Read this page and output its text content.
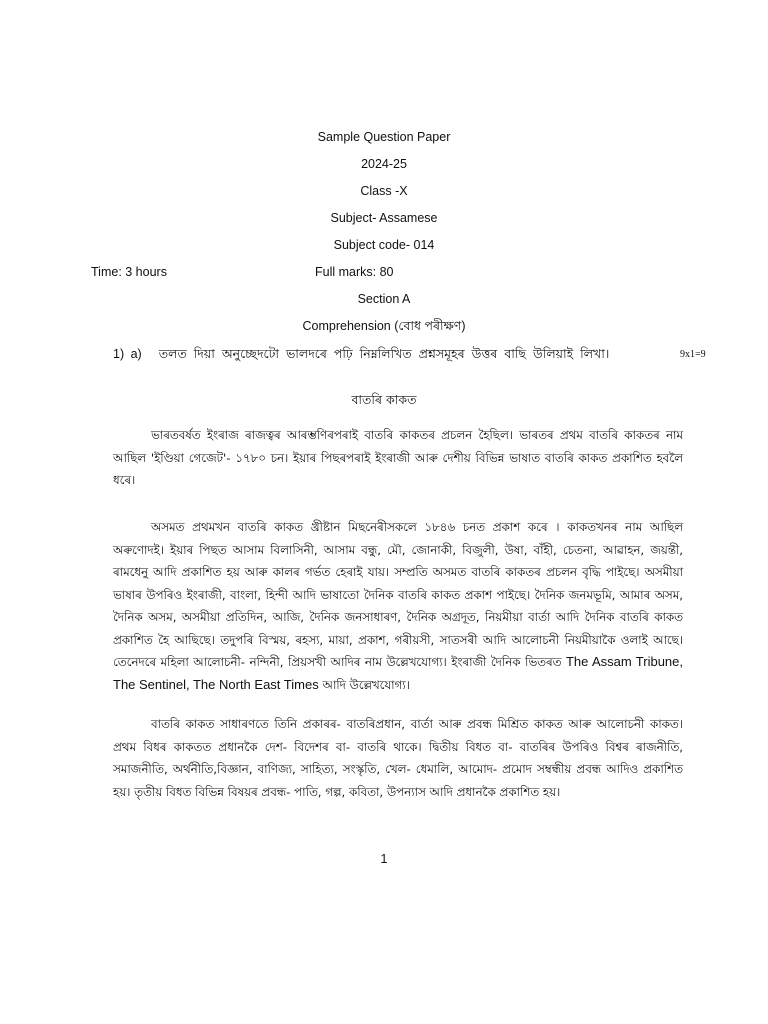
Sample Question Paper
2024-25
Class -X
Subject- Assamese
Subject code- 014
Time: 3 hours	Full marks: 80
Section A
Comprehension (বোধ পৰীক্ষণ)
1) a) তলত দিয়া অনুচ্ছেদটো ভালদৰে পঢ়ি নিম্নলিখিত প্ৰশ্নসমূহৰ উত্তৰ বাছি উলিয়াই লিখা।	9x1=9
বাতৰি কাকত
ভাৰতবৰ্ষত ইংৰাজ ৰাজত্বৰ আৰম্ভণিৰপৰাই বাতৰি কাকতৰ প্ৰচলন হৈছিল। ভাৰতৰ প্ৰথম বাতৰি কাকতৰ নাম আছিল 'ইণ্ডিয়া গেজেট'- ১৭৮০ চন। ইয়াৰ পিছৰপৰাই ইংৰাজী আৰু দেশীয় বিভিন্ন ভাষাত বাতৰি কাকত প্ৰকাশিত হবলৈ ধৰে।
অসমত প্ৰথমখন বাতৰি কাকত খ্ৰীষ্টান মিছনেৰীসকলে ১৮৪৬ চনত প্ৰকাশ কৰে । কাকতখনৰ নাম আছিল অৰুণোদই। ইয়াৰ পিছত আসাম বিলাসিনী, আসাম বন্ধু, মৌ, জোনাকী, বিজুলী, উষা, বাঁহী, চেতনা, আৱাহন, জয়ন্তী, ৰামধেনু আদি প্ৰকাশিত হয় আৰু কালৰ গৰ্ভত হেৰাই যায়। সম্প্ৰতি অসমত বাতৰি কাকতৰ প্ৰচলন বৃদ্ধি পাইছে। অসমীয়া ভাষাৰ উপৰিও ইংৰাজী, বাংলা, হিন্দী আদি ভাষাতো দৈনিক বাতৰি কাকত প্ৰকাশ পাইছে। দৈনিক জনমভূমি, আমাৰ অসম, দৈনিক অসম, অসমীয়া প্ৰতিদিন, আজি, দৈনিক জনসাধাৰণ, দৈনিক অগ্ৰদূত, নিয়মীয়া বাৰ্তা আদি দৈনিক বাতৰি কাকত প্ৰকাশিত হৈ আছিছে। তদুপৰি বিস্ময়, ৰহস্য, মায়া, প্ৰকাশ, গৰীয়সী, সাতসৰী আদি আলোচনী নিয়মীয়াকৈ ওলাই আছে। তেনেদৰে মহিলা আলোচনী- নন্দিনী, প্ৰিয়সখী আদিৰ নাম উল্লেখযোগ্য। ইংৰাজী দৈনিক ভিতৰত The Assam Tribune, The Sentinel, The North East Times আদি উল্লেখযোগ্য।
বাতৰি কাকত সাধাৰণতে তিনি প্ৰকাৰৰ- বাতৰিপ্ৰধান, বাৰ্তা আৰু প্ৰবন্ধ মিশ্ৰিত কাকত আৰু আলোচনী কাকত। প্ৰথম বিধৰ কাকতত প্ৰধানকৈ দেশ- বিদেশৰ বা- বাতৰি থাকে। দ্বিতীয় বিধত বা- বাতৰিৰ উপৰিও বিশ্বৰ ৰাজনীতি, সমাজনীতি, অৰ্থনীতি,বিজ্ঞান, বাণিজ্য, সাহিত্য, সংস্কৃতি, খেল- ধেমালি, আমোদ- প্ৰমোদ সম্বন্ধীয় প্ৰবন্ধ আদিও প্ৰকাশিত হয়। তৃতীয় বিধত বিভিন্ন বিষয়ৰ প্ৰবন্ধ- পাতি, গল্প, কবিতা, উপন্যাস আদি প্ৰধানকৈ প্ৰকাশিত হয়।
1
